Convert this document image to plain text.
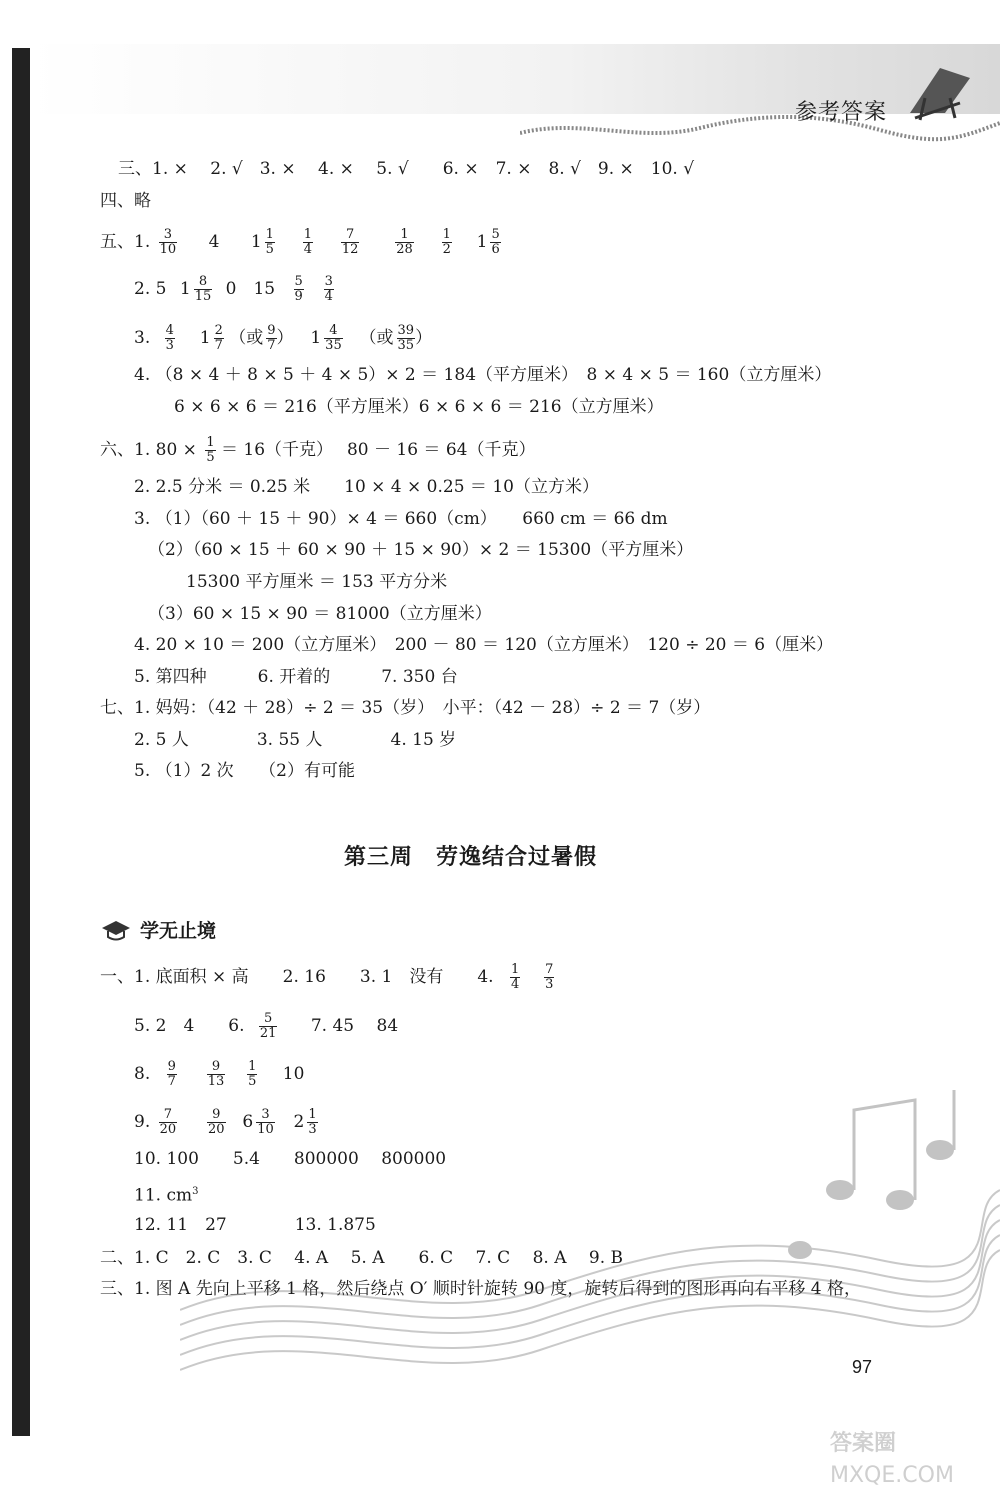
参考答案
三、1. ×　 2. √　3. ×　 4. ×　 5. √　　6. ×　7. ×　8. √　9. ×　10. √
四、略
五、1. $\frac{3}{10} 4$ $1 \frac{1}{5}$
$\frac{1}{4}$
$\frac{7}{12}$
	$\frac{1}{28}$
$\frac{1}{2} 1 \frac{5}{6}$
2. 5 $1 \frac{8}{15} 0$　$15 \frac{5}{9}$
$\frac{3}{4}$
3. $\frac{4}{3} 1 \frac{2}{7}$ （或 $\frac{9}{7}$ ） $1 \frac{4}{35}$ （或 $\frac{39}{35}$ ）
4. （8 × 4 ＋ 8 × 5 ＋ 4 × 5）× 2 ＝ 184（平方厘米）　8 × 4 × 5 ＝ 160（立方厘米）
6 × 6 × 6 ＝ 216（平方厘米）6 × 6 × 6 ＝ 216（立方厘米）
六、1. $80 \times \frac{1}{5} = 16$（千克）　 80 － 16 ＝ 64（千克）
2. 2.5 分米 ＝ 0.25 米　　10 × 4 × 0.25 ＝ 10（立方米）
3. （1）（60 ＋ 15 ＋ 90）× 4 ＝ 660（cm）　　660 cm ＝ 66 dm
（2）（60 × 15 ＋ 60 × 90 ＋ 15 × 90）× 2 ＝ 15300（平方厘米）
15300 平方厘米 ＝ 153 平方分米
（3）60 × 15 × 90 ＝ 81000（立方厘米）
4. 20 × 10 ＝ 200（立方厘米）　200 － 80 ＝ 120（立方厘米）　120 ÷ 20 ＝ 6（厘米）
5. 第四种　　　6. 开着的　　　7. 350 台
七、1. 妈妈：（42 ＋ 28）÷ 2 ＝ 35（岁）　小平：（42 － 28）÷ 2 ＝ 7（岁）
2. 5 人　　　　3. 55 人　　　　4. 15 岁
5. （1）2 次　　（2）有可能
第三周　劳逸结合过暑假
学无止境
一、1. 底面积 × 高　　2. 16　　3. 1　没有　　4. $\frac{1}{4}$
$\frac{7}{3}$
5. 2　4　　6. $\frac{5}{21} 7$. 45　 84
8. $\frac{9}{7}$
$\frac{9}{13}$
$\frac{1}{5} 10$
9. $\frac{7}{20}$
$\frac{9}{20} 6 \frac{3}{10} 2 \frac{1}{3}$
10. 100　　5.4　　800000　 800000
11. $cm^3$
12. 11　27　　　　13. 1.875
二、1. C　2. C　3. C　 4. A　 5. A　　6. C　 7. C　 8. A　 9. B
三、1. 图 A 先向上平移 1 格，然后绕点 O′ 顺时针旋转 90 度，旋转后得到的图形再向右平移 4 格，
97
答案圈
MXQE.COM
